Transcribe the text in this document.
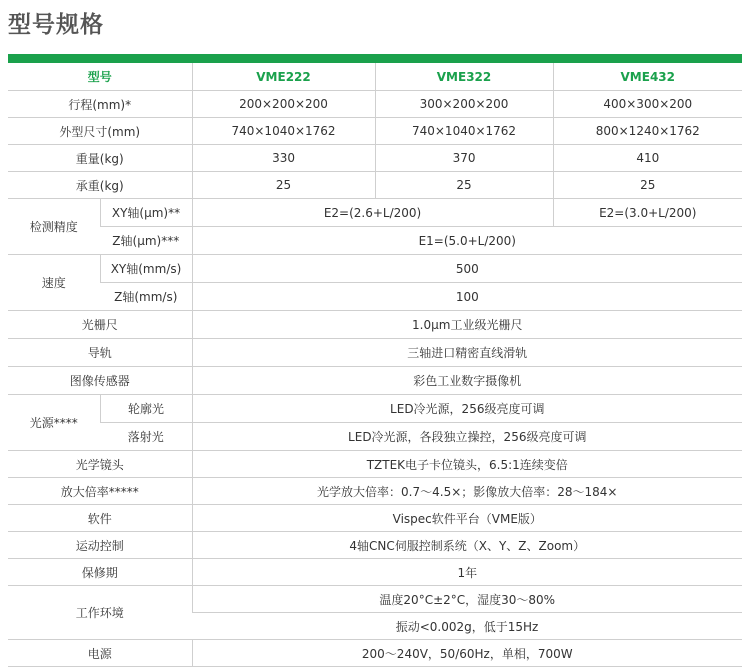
型号规格
型号		VME222	VME322	VME432
行程(mm)*		200×200×200	300×200×200	400×300×200
外型尺寸(mm)		740×1040×1762	740×1040×1762	800×1240×1762
重量(kg)		330	370	410
承重(kg)		25	25	25
检测精度	XY轴(μm)**	E2=(2.6+L/200)		E2=(3.0+L/200)
	Z轴(μm)***	E1=(5.0+L/200)		
速度	XY轴(mm/s)	500		
	Z轴(mm/s)	100		
光栅尺		1.0μm工业级光栅尺		
导轨		三轴进口精密直线滑轨		
图像传感器		彩色工业数字摄像机		
光源****	轮廓光	LED冷光源，256级亮度可调		
	落射光	LED冷光源，各段独立操控，256级亮度可调		
光学镜头		TZTEK电子卡位镜头，6.5:1连续变倍		
放大倍率*****		光学放大倍率：0.7～4.5×；影像放大倍率：28～184×		
软件		Vispec软件平台（VME版）		
运动控制		4轴CNC伺服控制系统（X、Y、Z、Zoom）		
保修期		1年		
工作环境		温度20°C±2°C，湿度30～80%		
		振动<0.002g，低于15Hz		
电源		200～240V，50/60Hz，单相，700W		
